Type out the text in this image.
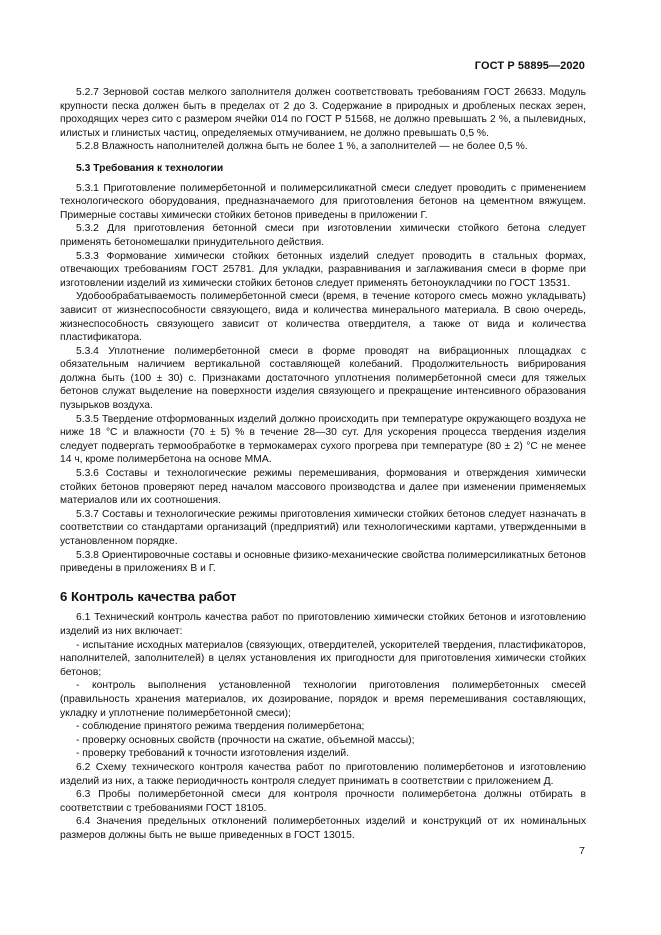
ГОСТ Р 58895—2020

5.2.7 Зерновой состав мелкого заполнителя должен соответствовать требованиям ГОСТ 26633. Модуль крупности песка должен быть в пределах от 2 до 3. Содержание в природных и дробленых песках зерен, проходящих через сито с размером ячейки 014 по ГОСТ Р 51568, не должно превышать 2 %, а пылевидных, илистых и глинистых частиц, определяемых отмучиванием, не должно превышать 0,5 %.

5.2.8 Влажность наполнителей должна быть не более 1 %, а заполнителей — не более 0,5 %.

5.3 Требования к технологии

5.3.1 Приготовление полимербетонной и полимерсиликатной смеси следует проводить с применением технологического оборудования, предназначаемого для приготовления бетонов на цементном вяжущем. Примерные составы химически стойких бетонов приведены в приложении Г.

5.3.2 Для приготовления бетонной смеси при изготовлении химически стойкого бетона следует применять бетономешалки принудительного действия.

5.3.3 Формование химически стойких бетонных изделий следует проводить в стальных формах, отвечающих требованиям ГОСТ 25781. Для укладки, разравнивания и заглаживания смеси в форме при изготовлении изделий из химически стойких бетонов следует применять бетоноукладчики по ГОСТ 13531.

Удобообрабатываемость полимербетонной смеси (время, в течение которого смесь можно укладывать) зависит от жизнеспособности связующего, вида и количества минерального материала. В свою очередь, жизнеспособность связующего зависит от количества отвердителя, а также от вида и количества пластификатора.

5.3.4 Уплотнение полимербетонной смеси в форме проводят на вибрационных площадках с обязательным наличием вертикальной составляющей колебаний. Продолжительность вибрирования должна быть (100 ± 30) с. Признаками достаточного уплотнения полимербетонной смеси для тяжелых бетонов служат выделение на поверхности изделия связующего и прекращение интенсивного образования пузырьков воздуха.

5.3.5 Твердение отформованных изделий должно происходить при температуре окружающего воздуха не ниже 18 °С и влажности (70 ± 5) % в течение 28—30 сут. Для ускорения процесса твердения изделия следует подвергать термообработке в термокамерах сухого прогрева при температуре (80 ± 2) °С не менее 14 ч, кроме полимербетона на основе ММА.

5.3.6 Составы и технологические режимы перемешивания, формования и отверждения химически стойких бетонов проверяют перед началом массового производства и далее при изменении применяемых материалов или их соотношения.

5.3.7 Составы и технологические режимы приготовления химически стойких бетонов следует назначать в соответствии со стандартами организаций (предприятий) или технологическими картами, утвержденными в установленном порядке.

5.3.8 Ориентировочные составы и основные физико-механические свойства полимерсиликатных бетонов приведены в приложениях В и Г.

6 Контроль качества работ

6.1 Технический контроль качества работ по приготовлению химически стойких бетонов и изготовлению изделий из них включает:

- испытание исходных материалов (связующих, отвердителей, ускорителей твердения, пластификаторов, наполнителей, заполнителей) в целях установления их пригодности для приготовления химически стойких бетонов;

- контроль выполнения установленной технологии приготовления полимербетонных смесей (правильность хранения материалов, их дозирование, порядок и время перемешивания составляющих, укладку и уплотнение полимербетонной смеси);

- соблюдение принятого режима твердения полимербетона;

- проверку основных свойств (прочности на сжатие, объемной массы);

- проверку требований к точности изготовления изделий.

6.2 Схему технического контроля качества работ по приготовлению полимербетонов и изготовлению изделий из них, а также периодичность контроля следует принимать в соответствии с приложением Д.

6.3 Пробы полимербетонной смеси для контроля прочности полимербетона должны отбирать в соответствии с требованиями ГОСТ 18105.

6.4 Значения предельных отклонений полимербетонных изделий и конструкций от их номинальных размеров должны быть не выше приведенных в ГОСТ 13015.

7
